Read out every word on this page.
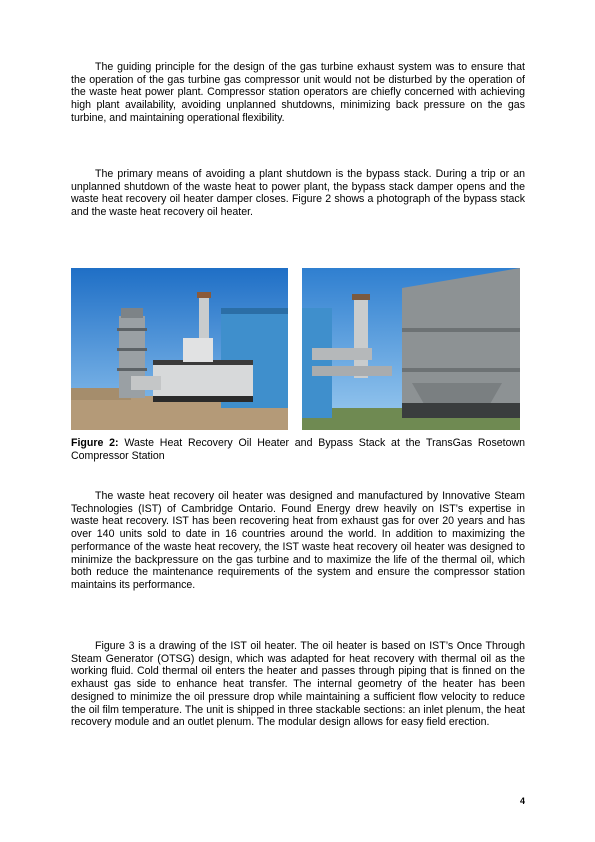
The guiding principle for the design of the gas turbine exhaust system was to ensure that the operation of the gas turbine gas compressor unit would not be disturbed by the operation of the waste heat power plant. Compressor station operators are chiefly concerned with achieving high plant availability, avoiding unplanned shutdowns, minimizing back pressure on the gas turbine, and maintaining operational flexibility.

The primary means of avoiding a plant shutdown is the bypass stack. During a trip or an unplanned shutdown of the waste heat to power plant, the bypass stack damper opens and the waste heat recovery oil heater damper closes. Figure 2 shows a photograph of the bypass stack and the waste heat recovery oil heater.

Figure 2: Waste Heat Recovery Oil Heater and Bypass Stack at the TransGas Rosetown Compressor Station

The waste heat recovery oil heater was designed and manufactured by Innovative Steam Technologies (IST) of Cambridge Ontario. Found Energy drew heavily on IST’s expertise in waste heat recovery. IST has been recovering heat from exhaust gas for over 20 years and has over 140 units sold to date in 16 countries around the world. In addition to maximizing the performance of the waste heat recovery, the IST waste heat recovery oil heater was designed to minimize the backpressure on the gas turbine and to maximize the life of the thermal oil, which both reduce the maintenance requirements of the system and ensure the compressor station maintains its performance.

Figure 3 is a drawing of the IST oil heater. The oil heater is based on IST’s Once Through Steam Generator (OTSG) design, which was adapted for heat recovery with thermal oil as the working fluid. Cold thermal oil enters the heater and passes through piping that is finned on the exhaust gas side to enhance heat transfer. The internal geometry of the heater has been designed to minimize the oil pressure drop while maintaining a sufficient flow velocity to reduce the oil film temperature. The unit is shipped in three stackable sections: an inlet plenum, the heat recovery module and an outlet plenum. The modular design allows for easy field erection.

4
